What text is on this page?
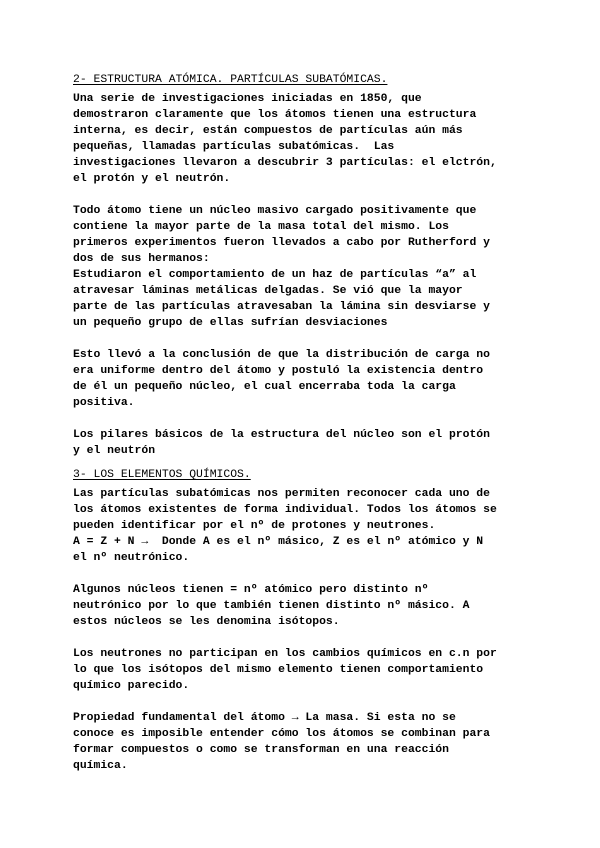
2- ESTRUCTURA ATÓMICA. PARTÍCULAS SUBATÓMICAS.
Una serie de investigaciones iniciadas en 1850, que
demostraron claramente que los átomos tienen una estructura
interna, es decir, están compuestos de partículas aún más
pequeñas, llamadas partículas subatómicas.  Las
investigaciones llevaron a descubrir 3 partículas: el elctrón,
el protón y el neutrón.
Todo átomo tiene un núcleo masivo cargado positivamente que
contiene la mayor parte de la masa total del mismo. Los
primeros experimentos fueron llevados a cabo por Rutherford y
dos de sus hermanos:
Estudiaron el comportamiento de un haz de partículas “a” al
atravesar láminas metálicas delgadas. Se vió que la mayor
parte de las partículas atravesaban la lámina sin desviarse y
un pequeño grupo de ellas sufrían desviaciones
Esto llevó a la conclusión de que la distribución de carga no
era uniforme dentro del átomo y postuló la existencia dentro
de él un pequeño núcleo, el cual encerraba toda la carga
positiva.
Los pilares básicos de la estructura del núcleo son el protón
y el neutrón
3- LOS ELEMENTOS QUÍMICOS.
Las partículas subatómicas nos permiten reconocer cada uno de
los átomos existentes de forma individual. Todos los átomos se
pueden identificar por el nº de protones y neutrones.
A = Z + N →  Donde A es el nº másico, Z es el nº atómico y N
el nº neutrónico.
Algunos núcleos tienen = nº atómico pero distinto nº
neutrónico por lo que también tienen distinto nº másico. A
estos núcleos se les denomina isótopos.
Los neutrones no participan en los cambios químicos en c.n por
lo que los isótopos del mismo elemento tienen comportamiento
químico parecido.
Propiedad fundamental del átomo → La masa. Si esta no se
conoce es imposible entender cómo los átomos se combinan para
formar compuestos o como se transforman en una reacción
química.
